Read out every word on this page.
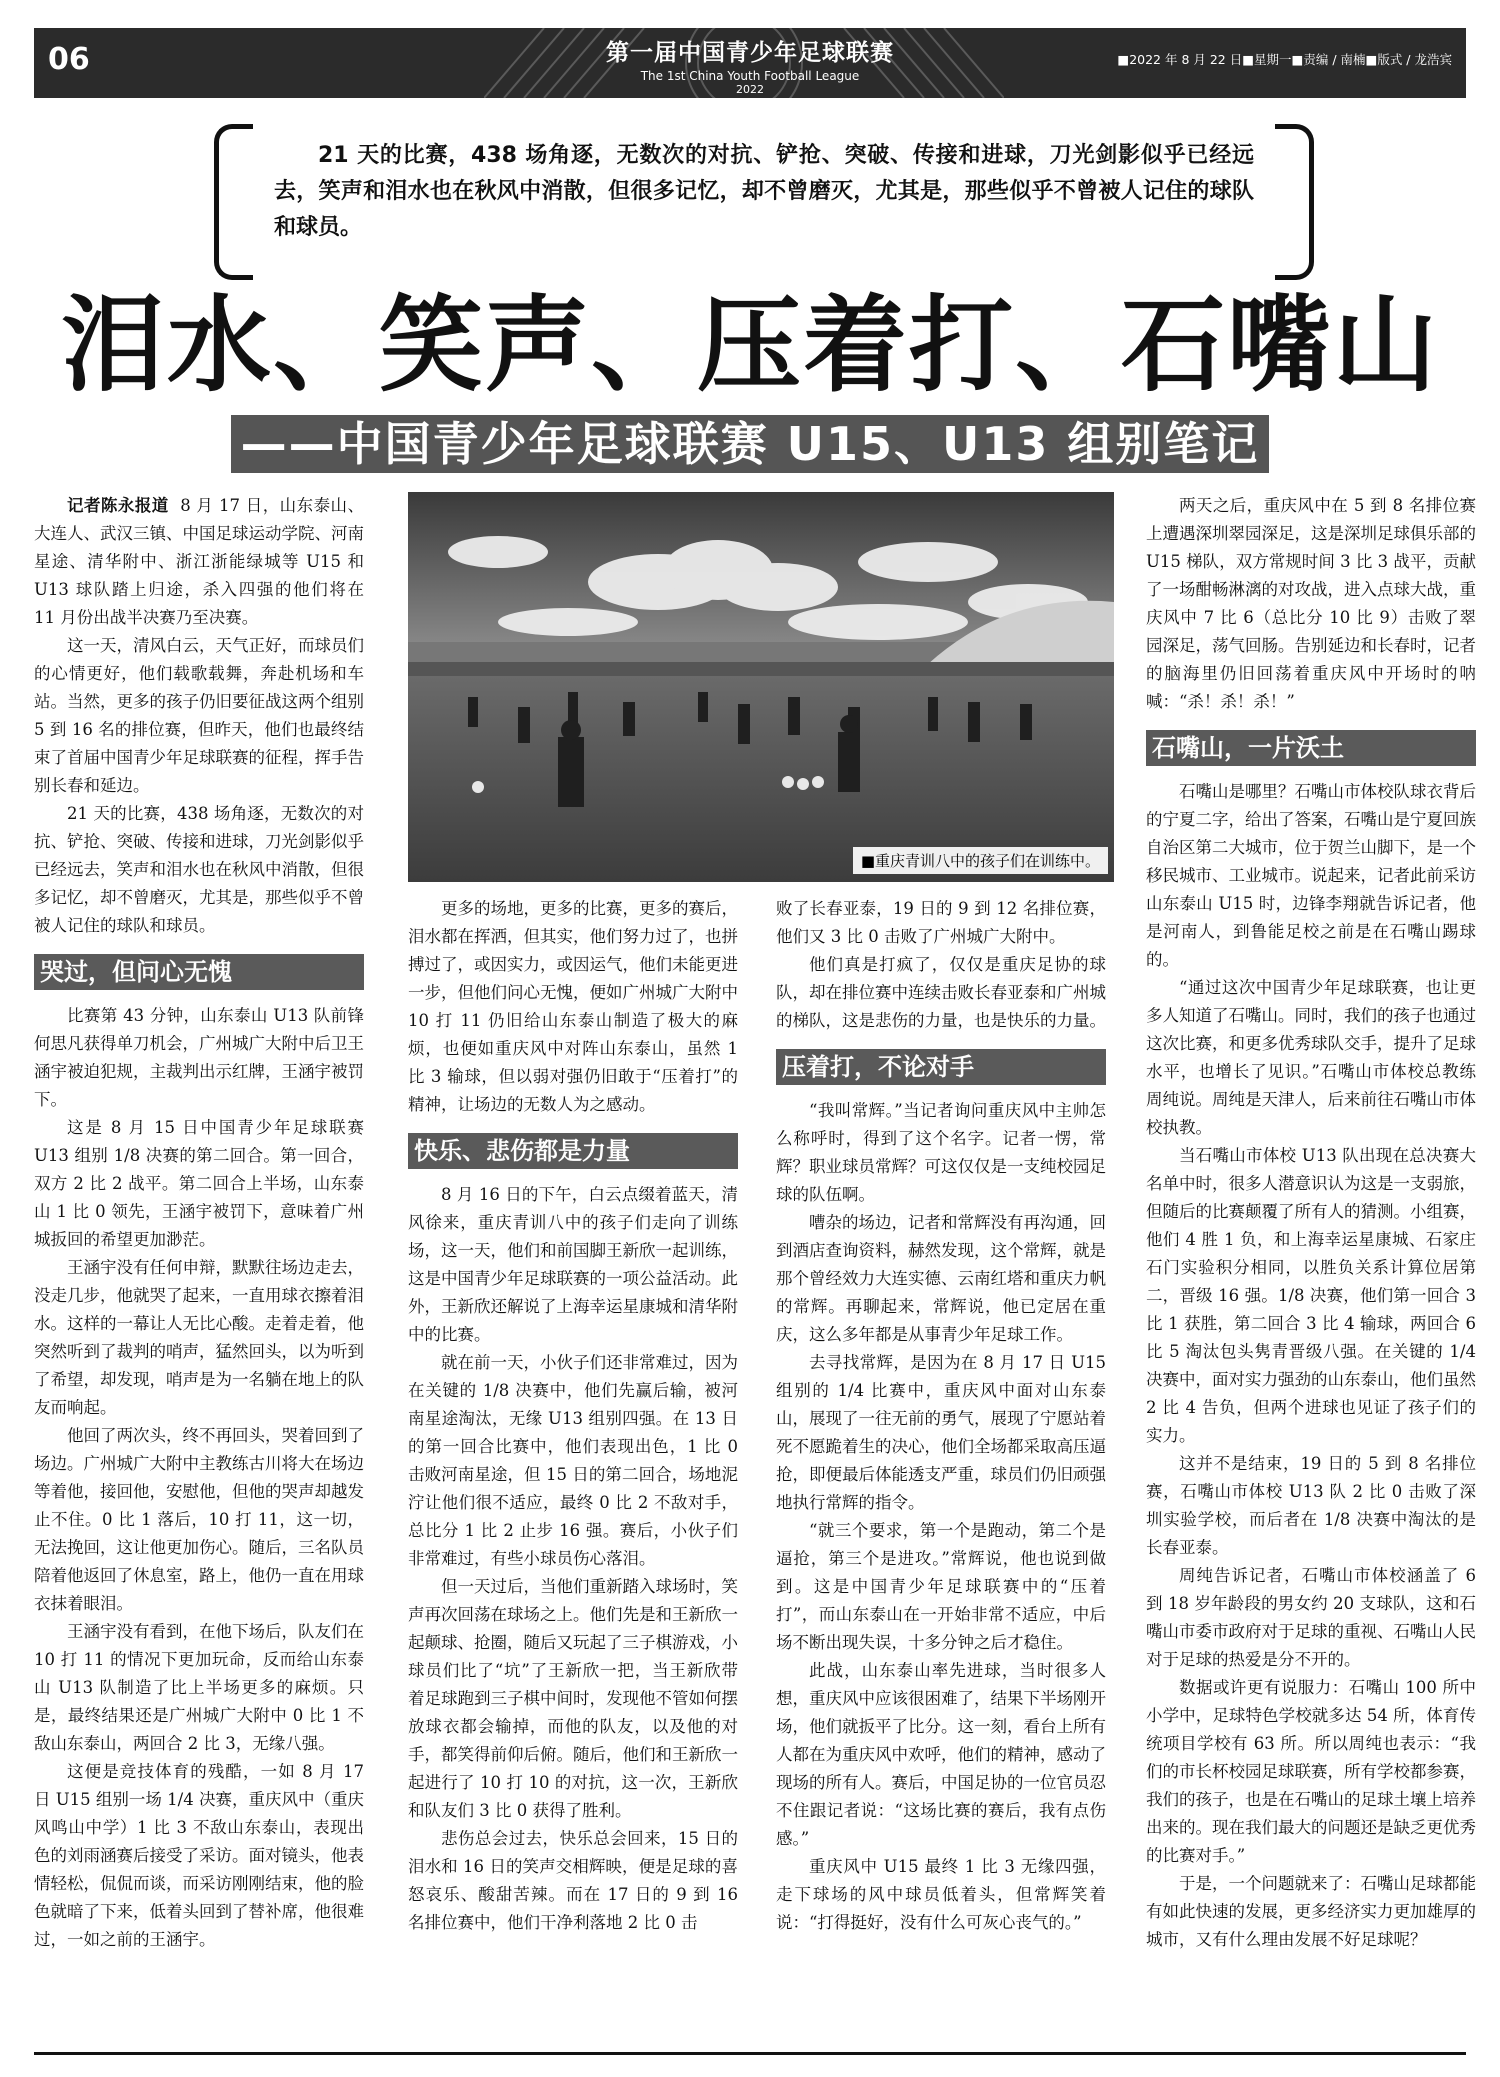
06	第一届中国青少年足球联赛
The 1st China Youth Football League
2022
■2022 年 8 月 22 日■星期一■责编 / 南楠■版式 / 龙浩宾

21 天的比赛，438 场角逐，无数次的对抗、铲抢、突破、传接和进球，刀光剑影似乎已经远去，笑声和泪水也在秋风中消散，但很多记忆，却不曾磨灭，尤其是，那些似乎不曾被人记住的球队和球员。

泪水、笑声、压着打、石嘴山
——中国青少年足球联赛 U15、U13 组别笔记
■重庆青训八中的孩子们在训练中。

记者陈永报道 8 月 17 日，山东泰山、大连人、武汉三镇、中国足球运动学院、河南星途、清华附中、浙江浙能绿城等 U15 和 U13 球队踏上归途，杀入四强的他们将在 11 月份出战半决赛乃至决赛。

这一天，清风白云，天气正好，而球员们的心情更好，他们载歌载舞，奔赴机场和车站。当然，更多的孩子仍旧要征战这两个组别 5 到 16 名的排位赛，但昨天，他们也最终结束了首届中国青少年足球联赛的征程，挥手告别长春和延边。

21 天的比赛，438 场角逐，无数次的对抗、铲抢、突破、传接和进球，刀光剑影似乎已经远去，笑声和泪水也在秋风中消散，但很多记忆，却不曾磨灭，尤其是，那些似乎不曾被人记住的球队和球员。

哭过，但问心无愧

比赛第 43 分钟，山东泰山 U13 队前锋何思凡获得单刀机会，广州城广大附中后卫王涵宇被迫犯规，主裁判出示红牌，王涵宇被罚下。

这是 8 月 15 日中国青少年足球联赛 U13 组别 1/8 决赛的第二回合。第一回合，双方 2 比 2 战平。第二回合上半场，山东泰山 1 比 0 领先，王涵宇被罚下，意味着广州城扳回的希望更加渺茫。

王涵宇没有任何申辩，默默往场边走去，没走几步，他就哭了起来，一直用球衣擦着泪水。这样的一幕让人无比心酸。走着走着，他突然听到了裁判的哨声，猛然回头，以为听到了希望，却发现，哨声是为一名躺在地上的队友而响起。

他回了两次头，终不再回头，哭着回到了场边。广州城广大附中主教练古川将大在场边等着他，接回他，安慰他，但他的哭声却越发止不住。0 比 1 落后，10 打 11，这一切，无法挽回，这让他更加伤心。随后，三名队员陪着他返回了休息室，路上，他仍一直在用球衣抹着眼泪。

王涵宇没有看到，在他下场后，队友们在 10 打 11 的情况下更加玩命，反而给山东泰山 U13 队制造了比上半场更多的麻烦。只是，最终结果还是广州城广大附中 0 比 1 不敌山东泰山，两回合 2 比 3，无缘八强。

这便是竞技体育的残酷，一如 8 月 17 日 U15 组别一场 1/4 决赛，重庆风中（重庆风鸣山中学）1 比 3 不敌山东泰山，表现出色的刘雨涵赛后接受了采访。面对镜头，他表情轻松，侃侃而谈，而采访刚刚结束，他的脸色就暗了下来，低着头回到了替补席，他很难过，一如之前的王涵宇。

更多的场地，更多的比赛，更多的赛后，泪水都在挥洒，但其实，他们努力过了，也拼搏过了，或因实力，或因运气，他们未能更进一步，但他们问心无愧，便如广州城广大附中 10 打 11 仍旧给山东泰山制造了极大的麻烦，也便如重庆风中对阵山东泰山，虽然 1 比 3 输球，但以弱对强仍旧敢于“压着打”的精神，让场边的无数人为之感动。

快乐、悲伤都是力量

8 月 16 日的下午，白云点缀着蓝天，清风徐来，重庆青训八中的孩子们走向了训练场，这一天，他们和前国脚王新欣一起训练，这是中国青少年足球联赛的一项公益活动。此外，王新欣还解说了上海幸运星康城和清华附中的比赛。

就在前一天，小伙子们还非常难过，因为在关键的 1/8 决赛中，他们先赢后输，被河南星途淘汰，无缘 U13 组别四强。在 13 日的第一回合比赛中，他们表现出色，1 比 0 击败河南星途，但 15 日的第二回合，场地泥泞让他们很不适应，最终 0 比 2 不敌对手，总比分 1 比 2 止步 16 强。赛后，小伙子们非常难过，有些小球员伤心落泪。

但一天过后，当他们重新踏入球场时，笑声再次回荡在球场之上。他们先是和王新欣一起颠球、抢圈，随后又玩起了三子棋游戏，小球员们比了“坑”了王新欣一把，当王新欣带着足球跑到三子棋中间时，发现他不管如何摆放球衣都会输掉，而他的队友，以及他的对手，都笑得前仰后俯。随后，他们和王新欣一起进行了 10 打 10 的对抗，这一次，王新欣和队友们 3 比 0 获得了胜利。

悲伤总会过去，快乐总会回来，15 日的泪水和 16 日的笑声交相辉映，便是足球的喜怒哀乐、酸甜苦辣。而在 17 日的 9 到 16 名排位赛中，他们干净利落地 2 比 0 击

败了长春亚泰，19 日的 9 到 12 名排位赛，他们又 3 比 0 击败了广州城广大附中。

他们真是打疯了，仅仅是重庆足协的球队，却在排位赛中连续击败长春亚泰和广州城的梯队，这是悲伤的力量，也是快乐的力量。

压着打，不论对手

“我叫常辉。”当记者询问重庆风中主帅怎么称呼时，得到了这个名字。记者一愣，常辉？职业球员常辉？可这仅仅是一支纯校园足球的队伍啊。

嘈杂的场边，记者和常辉没有再沟通，回到酒店查询资料，赫然发现，这个常辉，就是那个曾经效力大连实德、云南红塔和重庆力帆的常辉。再聊起来，常辉说，他已定居在重庆，这么多年都是从事青少年足球工作。

去寻找常辉，是因为在 8 月 17 日 U15 组别的 1/4 比赛中，重庆风中面对山东泰山，展现了一往无前的勇气，展现了宁愿站着死不愿跪着生的决心，他们全场都采取高压逼抢，即便最后体能透支严重，球员们仍旧顽强地执行常辉的指令。

“就三个要求，第一个是跑动，第二个是逼抢，第三个是进攻。”常辉说，他也说到做到。这是中国青少年足球联赛中的“压着打”，而山东泰山在一开始非常不适应，中后场不断出现失误，十多分钟之后才稳住。

此战，山东泰山率先进球，当时很多人想，重庆风中应该很困难了，结果下半场刚开场，他们就扳平了比分。这一刻，看台上所有人都在为重庆风中欢呼，他们的精神，感动了现场的所有人。赛后，中国足协的一位官员忍不住跟记者说：“这场比赛的赛后，我有点伤感。”

重庆风中 U15 最终 1 比 3 无缘四强，走下球场的风中球员低着头，但常辉笑着说：“打得挺好，没有什么可灰心丧气的。”

两天之后，重庆风中在 5 到 8 名排位赛上遭遇深圳翠园深足，这是深圳足球俱乐部的 U15 梯队，双方常规时间 3 比 3 战平，贡献了一场酣畅淋漓的对攻战，进入点球大战，重庆风中 7 比 6（总比分 10 比 9）击败了翠园深足，荡气回肠。告别延边和长春时，记者的脑海里仍旧回荡着重庆风中开场时的呐喊：“杀！杀！杀！”

石嘴山，一片沃土

石嘴山是哪里？石嘴山市体校队球衣背后的宁夏二字，给出了答案，石嘴山是宁夏回族自治区第二大城市，位于贺兰山脚下，是一个移民城市、工业城市。说起来，记者此前采访山东泰山 U15 时，边锋李翔就告诉记者，他是河南人，到鲁能足校之前是在石嘴山踢球的。

“通过这次中国青少年足球联赛，也让更多人知道了石嘴山。同时，我们的孩子也通过这次比赛，和更多优秀球队交手，提升了足球水平，也增长了见识。”石嘴山市体校总教练周纯说。周纯是天津人，后来前往石嘴山市体校执教。

当石嘴山市体校 U13 队出现在总决赛大名单中时，很多人潜意识认为这是一支弱旅，但随后的比赛颠覆了所有人的猜测。小组赛，他们 4 胜 1 负，和上海幸运星康城、石家庄石门实验积分相同，以胜负关系计算位居第二，晋级 16 强。1/8 决赛，他们第一回合 3 比 1 获胜，第二回合 3 比 4 输球，两回合 6 比 5 淘汰包头隽青晋级八强。在关键的 1/4 决赛中，面对实力强劲的山东泰山，他们虽然 2 比 4 告负，但两个进球也见证了孩子们的实力。

这并不是结束，19 日的 5 到 8 名排位赛，石嘴山市体校 U13 队 2 比 0 击败了深圳实验学校，而后者在 1/8 决赛中淘汰的是长春亚泰。

周纯告诉记者，石嘴山市体校涵盖了 6 到 18 岁年龄段的男女约 20 支球队，这和石嘴山市委市政府对于足球的重视、石嘴山人民对于足球的热爱是分不开的。

数据或许更有说服力：石嘴山 100 所中小学中，足球特色学校就多达 54 所，体育传统项目学校有 63 所。所以周纯也表示：“我们的市长杯校园足球联赛，所有学校都参赛，我们的孩子，也是在石嘴山的足球土壤上培养出来的。现在我们最大的问题还是缺乏更优秀的比赛对手。”

于是，一个问题就来了：石嘴山足球都能有如此快速的发展，更多经济实力更加雄厚的城市，又有什么理由发展不好足球呢？
